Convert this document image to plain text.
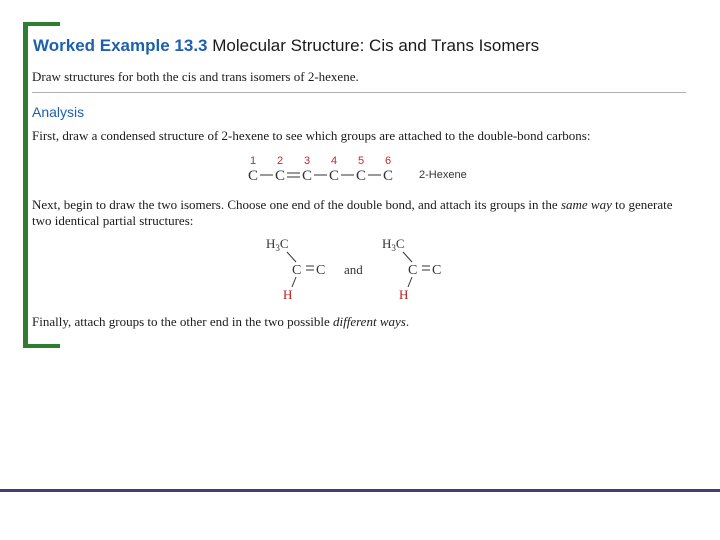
Worked Example 13.3 Molecular Structure: Cis and Trans Isomers
Draw structures for both the cis and trans isomers of 2-hexene.
Analysis
First, draw a condensed structure of 2-hexene to see which groups are attached to the double-bond carbons:
1 2 3 4 5 6
C C C C C C 2-Hexene
Next, begin to draw the two isomers. Choose one end of the double bond, and attach its groups in the same way to generate two identical partial structures:
$H_3C$
C C
H
and
$H_3C$
C C
H
Finally, attach groups to the other end in the two possible different ways.
